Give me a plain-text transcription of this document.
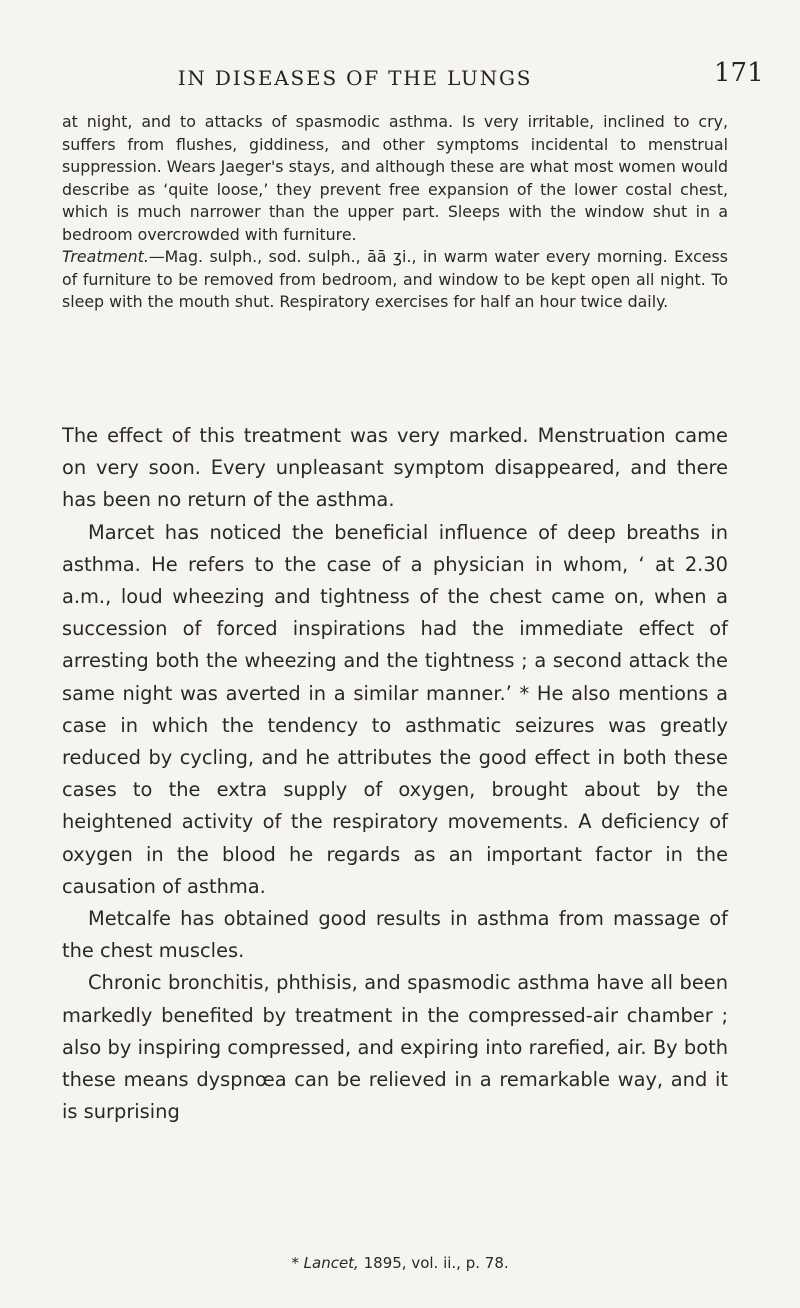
IN DISEASES OF THE LUNGS	171

at night, and to attacks of spasmodic asthma. Is very irritable, inclined to cry, suffers from flushes, giddiness, and other symptoms incidental to menstrual suppression. Wears Jaeger's stays, and although these are what most women would describe as ‘quite loose,’ they prevent free expansion of the lower costal chest, which is much narrower than the upper part. Sleeps with the window shut in a bedroom overcrowded with furniture.

Treatment.—Mag. sulph., sod. sulph., āā ʒi., in warm water every morning. Excess of furniture to be removed from bedroom, and window to be kept open all night. To sleep with the mouth shut. Respiratory exercises for half an hour twice daily.

The effect of this treatment was very marked. Menstruation came on very soon. Every unpleasant symptom disappeared, and there has been no return of the asthma.

Marcet has noticed the beneficial influence of deep breaths in asthma. He refers to the case of a physician in whom, ‘ at 2.30 a.m., loud wheezing and tightness of the chest came on, when a succession of forced inspirations had the immediate effect of arresting both the wheezing and the tightness ; a second attack the same night was averted in a similar manner.’ * He also mentions a case in which the tendency to asthmatic seizures was greatly reduced by cycling, and he attributes the good effect in both these cases to the extra supply of oxygen, brought about by the heightened activity of the respiratory movements. A deficiency of oxygen in the blood he regards as an important factor in the causation of asthma.

Metcalfe has obtained good results in asthma from massage of the chest muscles.

Chronic bronchitis, phthisis, and spasmodic asthma have all been markedly benefited by treatment in the compressed-air chamber ; also by inspiring compressed, and expiring into rarefied, air. By both these means dyspnœa can be relieved in a remarkable way, and it is surprising

* Lancet, 1895, vol. ii., p. 78.
